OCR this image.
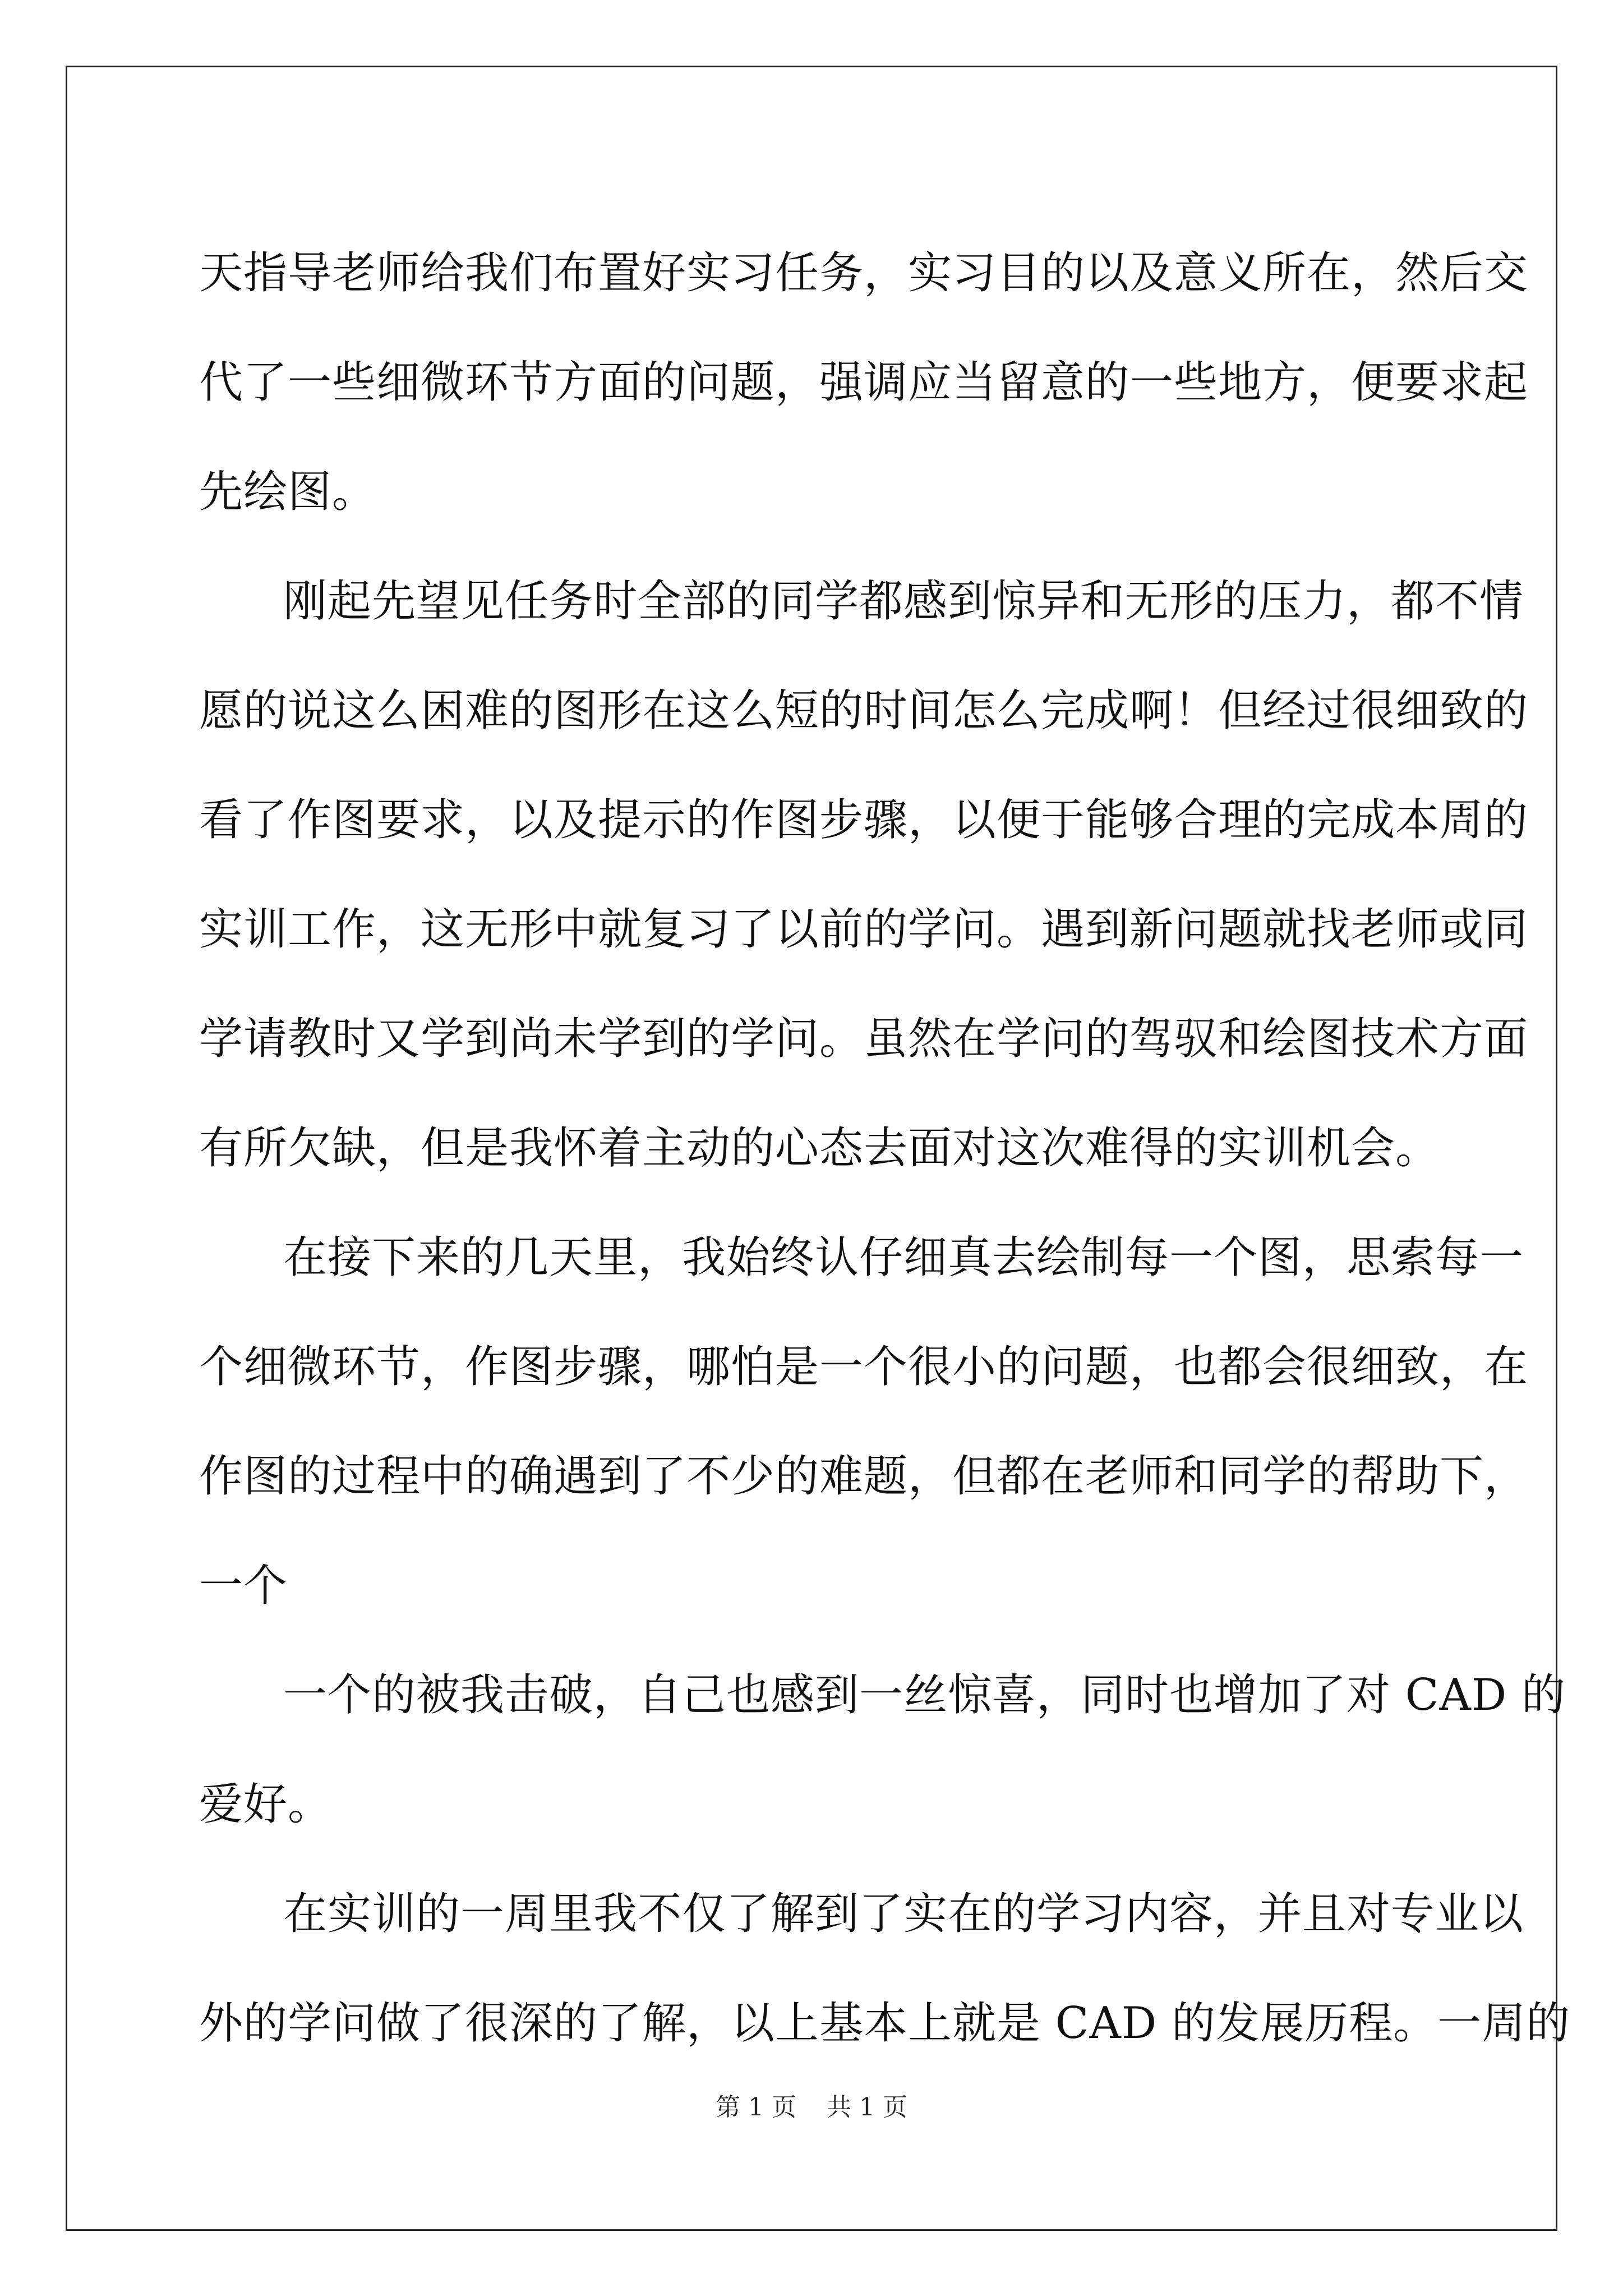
天指导老师给我们布置好实习任务，实习目的以及意义所在，然后交
代了一些细微环节方面的问题，强调应当留意的一些地方，便要求起
先绘图。
刚起先望见任务时全部的同学都感到惊异和无形的压力，都不情
愿的说这么困难的图形在这么短的时间怎么完成啊！但经过很细致的
看了作图要求，以及提示的作图步骤，以便于能够合理的完成本周的
实训工作，这无形中就复习了以前的学问。遇到新问题就找老师或同
学请教时又学到尚未学到的学问。虽然在学问的驾驭和绘图技术方面
有所欠缺，但是我怀着主动的心态去面对这次难得的实训机会。
在接下来的几天里，我始终认仔细真去绘制每一个图，思索每一
个细微环节，作图步骤，哪怕是一个很小的问题，也都会很细致，在
作图的过程中的确遇到了不少的难题，但都在老师和同学的帮助下，
一个
一个的被我击破，自己也感到一丝惊喜，同时也增加了对 CAD 的
爱好。
在实训的一周里我不仅了解到了实在的学习内容，并且对专业以
外的学问做了很深的了解，以上基本上就是 CAD 的发展历程。一周的
第 1 页 共 1 页
